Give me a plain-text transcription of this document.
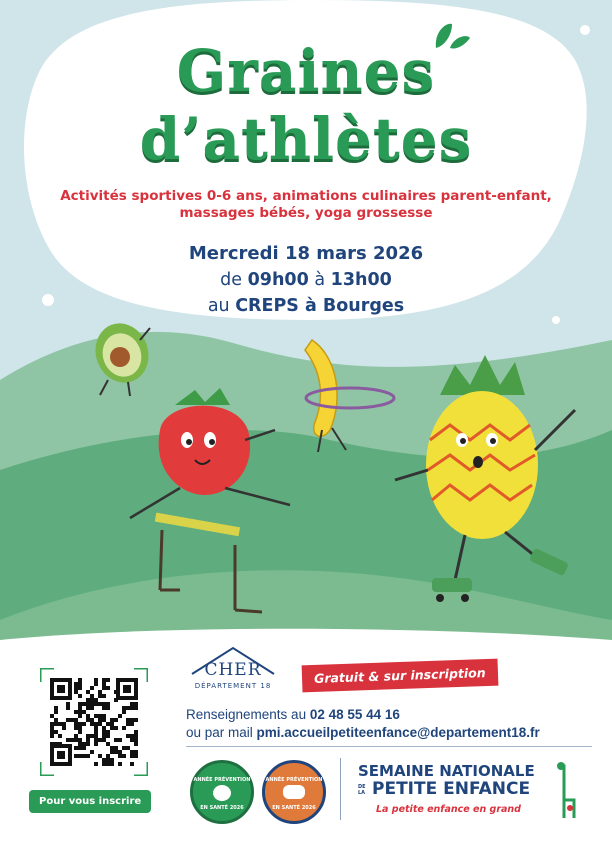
Graines
d’athlètes
Activités sportives 0-6 ans, animations culinaires parent-enfant,
massages bébés, yoga grossesse
Mercredi 18 mars 2026
de 09h00 à 13h00
au CREPS à Bourges
Pour vous inscrire
CHER
DÉPARTEMENT 18
Gratuit & sur inscription
Renseignements au 02 48 55 44 16
ou par mail pmi.accueilpetiteenfance@departement18.fr
ANNÉE PRÉVENTION
EN SANTÉ 2026
ANNÉE PRÉVENTION
EN SANTÉ 2026
SEMAINE NATIONALE
DE LA PETITE ENFANCE
La petite enfance en grand
